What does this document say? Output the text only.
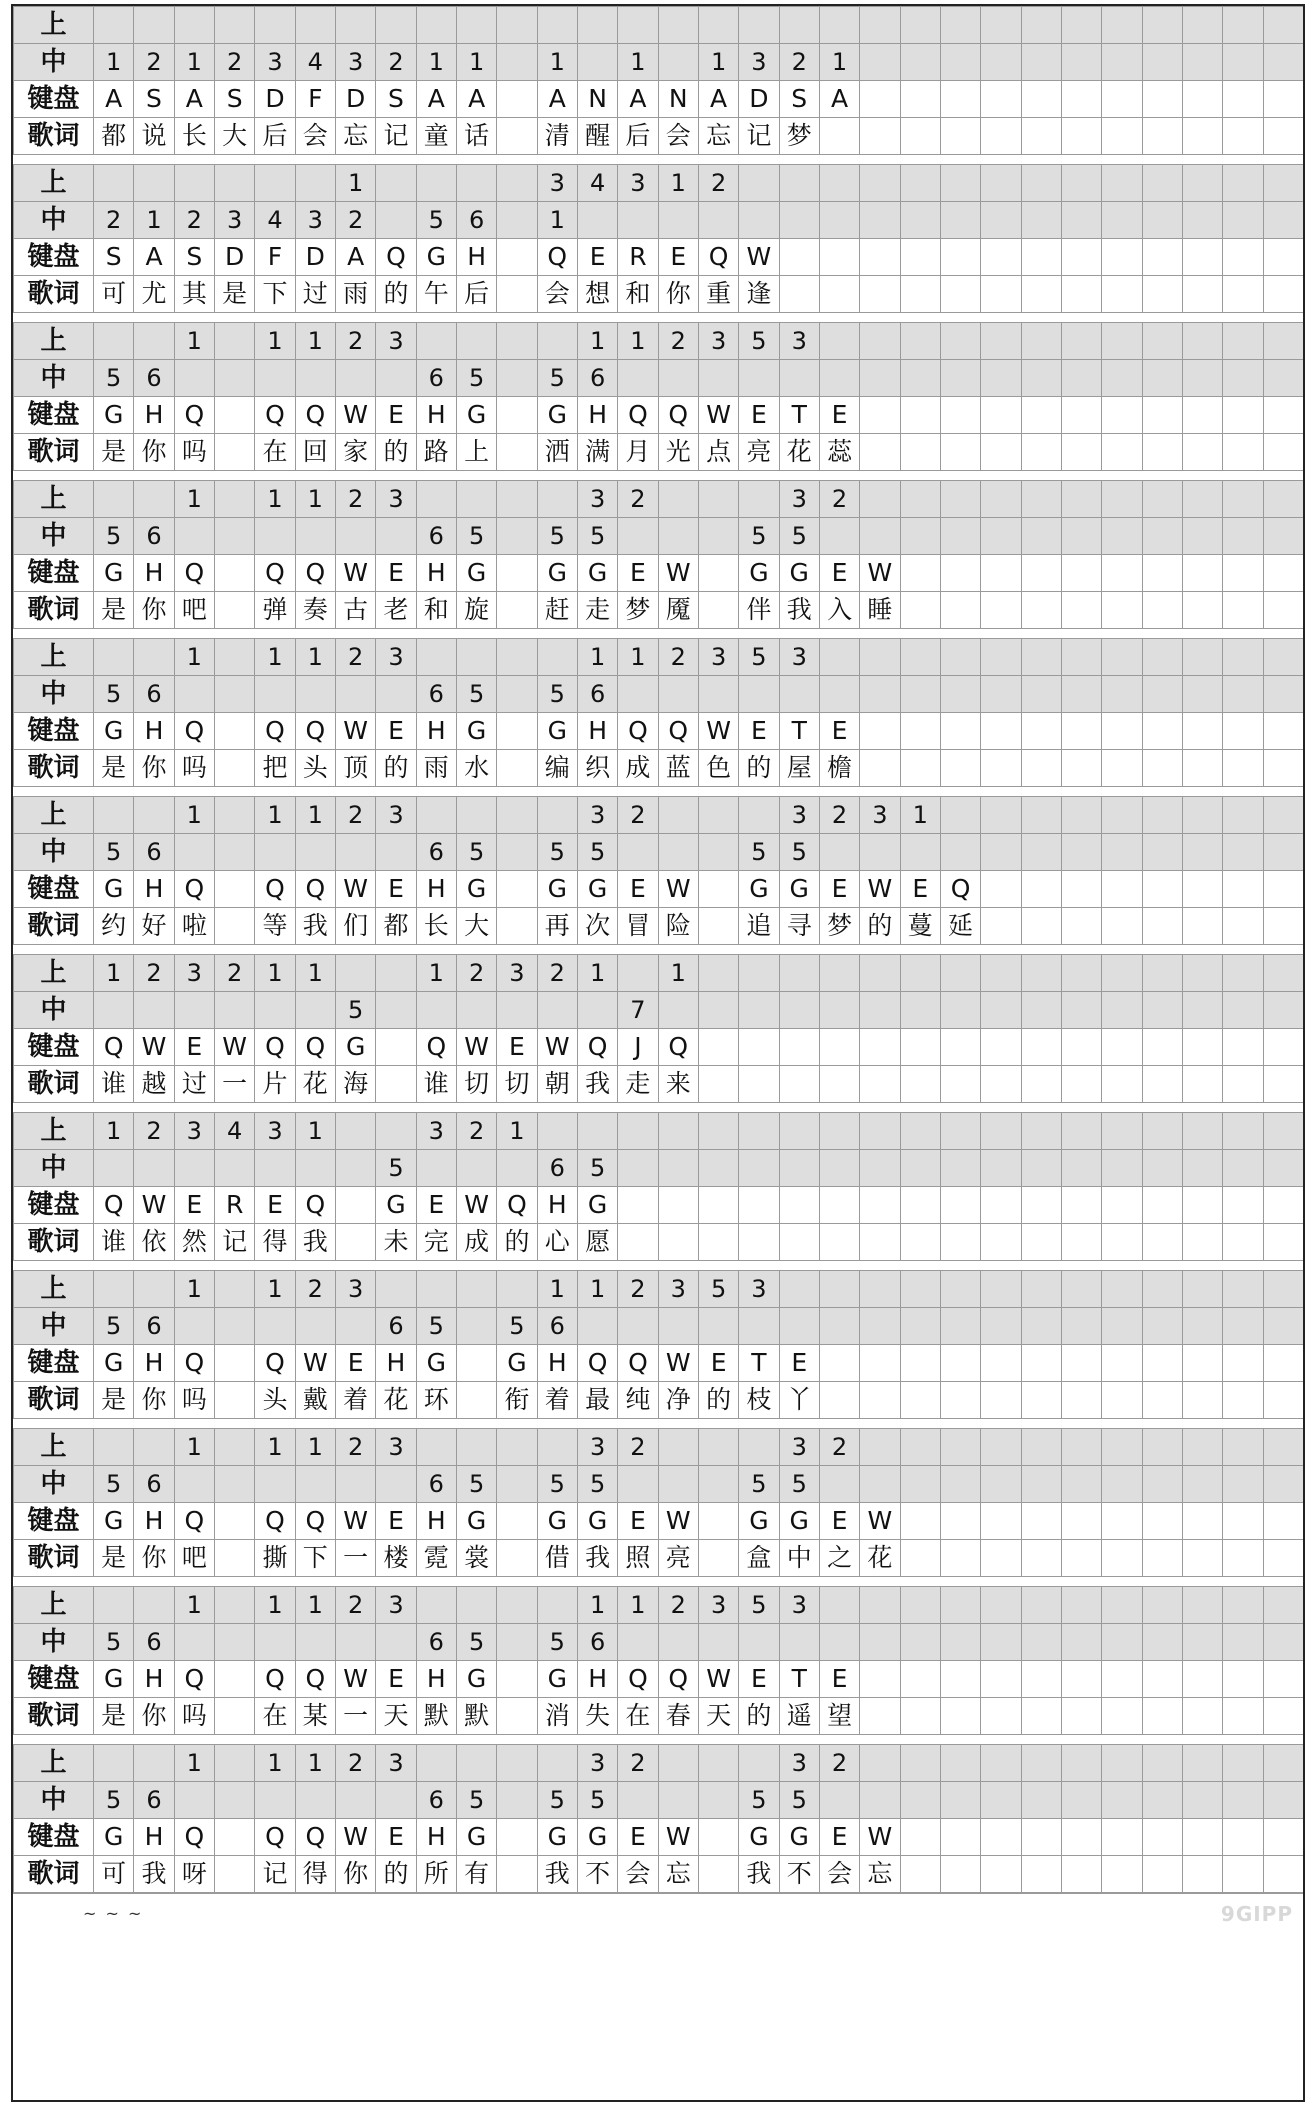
上																														
中	1	2	1	2	3	4	3	2	1	1		1		1		1	3	2	1											
键盘	A	S	A	S	D	F	D	S	A	A		A	N	A	N	A	D	S	A											
歌词	都	说	长	大	后	会	忘	记	童	话		清	醒	后	会	忘	记	梦												
上							1					3	4	3	1	2														
中	2	1	2	3	4	3	2		5	6		1																		
键盘	S	A	S	D	F	D	A	Q	G	H		Q	E	R	E	Q	W													
歌词	可	尤	其	是	下	过	雨	的	午	后		会	想	和	你	重	逢													
上			1		1	1	2	3					1	1	2	3	5	3												
中	5	6							6	5		5	6																	
键盘	G	H	Q		Q	Q	W	E	H	G		G	H	Q	Q	W	E	T	E											
歌词	是	你	吗		在	回	家	的	路	上		洒	满	月	光	点	亮	花	蕊											
上			1		1	1	2	3					3	2				3	2											
中	5	6							6	5		5	5				5	5												
键盘	G	H	Q		Q	Q	W	E	H	G		G	G	E	W		G	G	E	W										
歌词	是	你	吧		弹	奏	古	老	和	旋		赶	走	梦	魇		伴	我	入	睡										
上			1		1	1	2	3					1	1	2	3	5	3												
中	5	6							6	5		5	6																	
键盘	G	H	Q		Q	Q	W	E	H	G		G	H	Q	Q	W	E	T	E											
歌词	是	你	吗		把	头	顶	的	雨	水		编	织	成	蓝	色	的	屋	檐											
上			1		1	1	2	3					3	2				3	2	3	1									
中	5	6							6	5		5	5				5	5												
键盘	G	H	Q		Q	Q	W	E	H	G		G	G	E	W		G	G	E	W	E	Q								
歌词	约	好	啦		等	我	们	都	长	大		再	次	冒	险		追	寻	梦	的	蔓	延								
上	1	2	3	2	1	1			1	2	3	2	1		1															
中							5							7																
键盘	Q	W	E	W	Q	Q	G		Q	W	E	W	Q	J	Q															
歌词	谁	越	过	一	片	花	海		谁	切	切	朝	我	走	来															
上	1	2	3	4	3	1			3	2	1																			
中								5				6	5																	
键盘	Q	W	E	R	E	Q		G	E	W	Q	H	G																	
歌词	谁	依	然	记	得	我		未	完	成	的	心	愿																	
上			1		1	2	3					1	1	2	3	5	3													
中	5	6						6	5		5	6																		
键盘	G	H	Q		Q	W	E	H	G		G	H	Q	Q	W	E	T	E												
歌词	是	你	吗		头	戴	着	花	环		衔	着	最	纯	净	的	枝	丫												
上			1		1	1	2	3					3	2				3	2											
中	5	6							6	5		5	5				5	5												
键盘	G	H	Q		Q	Q	W	E	H	G		G	G	E	W		G	G	E	W										
歌词	是	你	吧		撕	下	一	楼	霓	裳		借	我	照	亮		盒	中	之	花										
上			1		1	1	2	3					1	1	2	3	5	3												
中	5	6							6	5		5	6																	
键盘	G	H	Q		Q	Q	W	E	H	G		G	H	Q	Q	W	E	T	E											
歌词	是	你	吗		在	某	一	天	默	默		消	失	在	春	天	的	遥	望											
上			1		1	1	2	3					3	2				3	2											
中	5	6							6	5		5	5				5	5												
键盘	G	H	Q		Q	Q	W	E	H	G		G	G	E	W		G	G	E	W										
歌词	可	我	呀		记	得	你	的	所	有		我	不	会	忘		我	不	会	忘										
~ ~ ~	9GIPP
